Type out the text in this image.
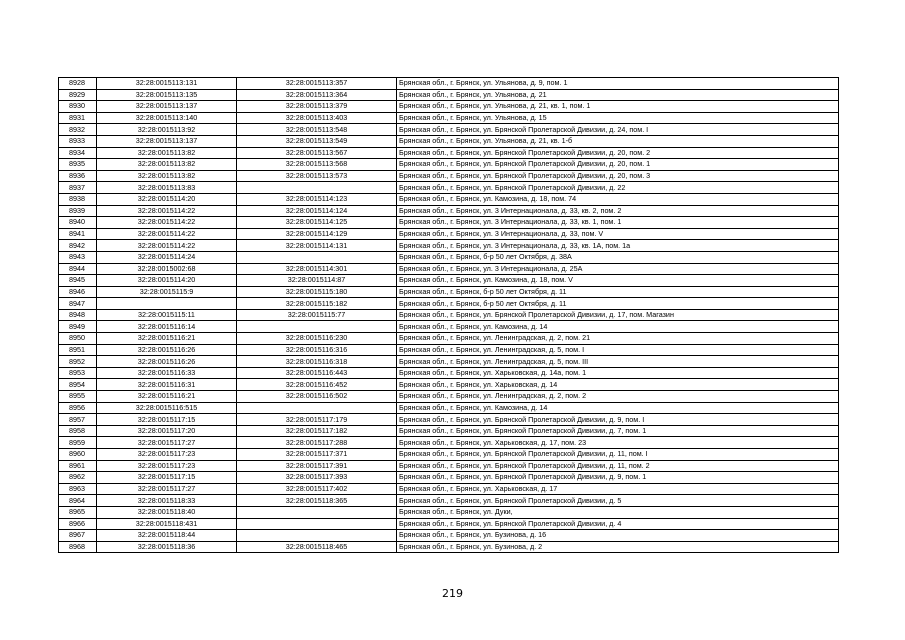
8928	32:28:0015113:131	32:28:0015113:357	Брянская обл., г. Брянск, ул. Ульянова, д. 9, пом. 1
8929	32:28:0015113:135	32:28:0015113:364	Брянская обл., г. Брянск, ул. Ульянова, д. 21
8930	32:28:0015113:137	32:28:0015113:379	Брянская обл., г. Брянск, ул. Ульянова, д. 21, кв. 1, пом. 1
8931	32:28:0015113:140	32:28:0015113:403	Брянская обл., г. Брянск, ул. Ульянова, д. 15
8932	32:28:0015113:92	32:28:0015113:548	Брянская обл., г. Брянск, ул. Брянской Пролетарской Дивизии, д. 24, пом. I
8933	32:28:0015113:137	32:28:0015113:549	Брянская обл., г. Брянск, ул. Ульянова, д. 21, кв. 1-б
8934	32:28:0015113:82	32:28:0015113:567	Брянская обл., г. Брянск, ул. Брянской Пролетарской Дивизии, д. 20, пом. 2
8935	32:28:0015113:82	32:28:0015113:568	Брянская обл., г. Брянск, ул. Брянской Пролетарской Дивизии, д. 20, пом. 1
8936	32:28:0015113:82	32:28:0015113:573	Брянская обл., г. Брянск, ул. Брянской Пролетарской Дивизии, д. 20, пом. 3
8937	32:28:0015113:83		Брянская обл., г. Брянск, ул. Брянской Пролетарской Дивизии, д. 22
8938	32:28:0015114:20	32:28:0015114:123	Брянская обл., г. Брянск, ул. Камозина, д. 18, пом. 74
8939	32:28:0015114:22	32:28:0015114:124	Брянская обл., г. Брянск, ул. 3 Интернационала, д. 33, кв. 2, пом. 2
8940	32:28:0015114:22	32:28:0015114:125	Брянская обл., г. Брянск, ул. 3 Интернационала, д. 33, кв. 1, пом. 1
8941	32:28:0015114:22	32:28:0015114:129	Брянская обл., г. Брянск, ул. 3 Интернационала, д. 33, пом. V
8942	32:28:0015114:22	32:28:0015114:131	Брянская обл., г. Брянск, ул. 3 Интернационала, д. 33, кв. 1А, пом. 1а
8943	32:28:0015114:24		Брянская обл., г. Брянск, б-р 50 лет Октября, д. 38А
8944	32:28:0015002:68	32:28:0015114:301	Брянская обл., г. Брянск, ул. 3 Интернационала, д. 25А
8945	32:28:0015114:20	32:28:0015114:87	Брянская обл., г. Брянск, ул. Камозина, д. 18, пом. V
8946	32:28:0015115:9	32:28:0015115:180	Брянская обл., г. Брянск, б-р 50 лет Октября, д. 11
8947		32:28:0015115:182	Брянская обл., г. Брянск, б-р 50 лет Октября, д. 11
8948	32:28:0015115:11	32:28:0015115:77	Брянская обл., г. Брянск, ул. Брянской Пролетарской Дивизии, д. 17, пом. Магазин
8949	32:28:0015116:14		Брянская обл., г. Брянск, ул. Камозина, д. 14
8950	32:28:0015116:21	32:28:0015116:230	Брянская обл., г. Брянск, ул. Ленинградская, д. 2, пом. 21
8951	32:28:0015116:26	32:28:0015116:316	Брянская обл., г. Брянск, ул. Ленинградская, д. 5, пом. I
8952	32:28:0015116:26	32:28:0015116:318	Брянская обл., г. Брянск, ул. Ленинградская, д. 5, пом. III
8953	32:28:0015116:33	32:28:0015116:443	Брянская обл., г. Брянск, ул. Харьковская, д. 14а, пом. 1
8954	32:28:0015116:31	32:28:0015116:452	Брянская обл., г. Брянск, ул. Харьковская, д. 14
8955	32:28:0015116:21	32:28:0015116:502	Брянская обл., г. Брянск, ул. Ленинградская, д. 2, пом. 2
8956	32:28:0015116:515		Брянская обл., г. Брянск, ул. Камозина, д. 14
8957	32:28:0015117:15	32:28:0015117:179	Брянская обл., г. Брянск, ул. Брянской Пролетарской Дивизии, д. 9, пом. I
8958	32:28:0015117:20	32:28:0015117:182	Брянская обл., г. Брянск, ул. Брянской Пролетарской Дивизии, д. 7, пом. 1
8959	32:28:0015117:27	32:28:0015117:288	Брянская обл., г. Брянск, ул. Харьковская, д. 17, пом. 23
8960	32:28:0015117:23	32:28:0015117:371	Брянская обл., г. Брянск, ул. Брянской Пролетарской Дивизии, д. 11, пом. I
8961	32:28:0015117:23	32:28:0015117:391	Брянская обл., г. Брянск, ул. Брянской Пролетарской Дивизии, д. 11, пом. 2
8962	32:28:0015117:15	32:28:0015117:393	Брянская обл., г. Брянск, ул. Брянской Пролетарской Дивизии, д. 9, пом. 1
8963	32:28:0015117:27	32:28:0015117:402	Брянская обл., г. Брянск, ул. Харьковская, д. 17
8964	32:28:0015118:33	32:28:0015118:365	Брянская обл., г. Брянск, ул. Брянской Пролетарской Дивизии, д. 5
8965	32:28:0015118:40		Брянская обл., г. Брянск, ул. Дуки,
8966	32:28:0015118:431		Брянская обл., г. Брянск, ул. Брянской Пролетарской Дивизии, д. 4
8967	32:28:0015118:44		Брянская обл., г. Брянск, ул. Бузинова, д. 16
8968	32:28:0015118:36	32:28:0015118:465	Брянская обл., г. Брянск, ул. Бузинова, д. 2
219
